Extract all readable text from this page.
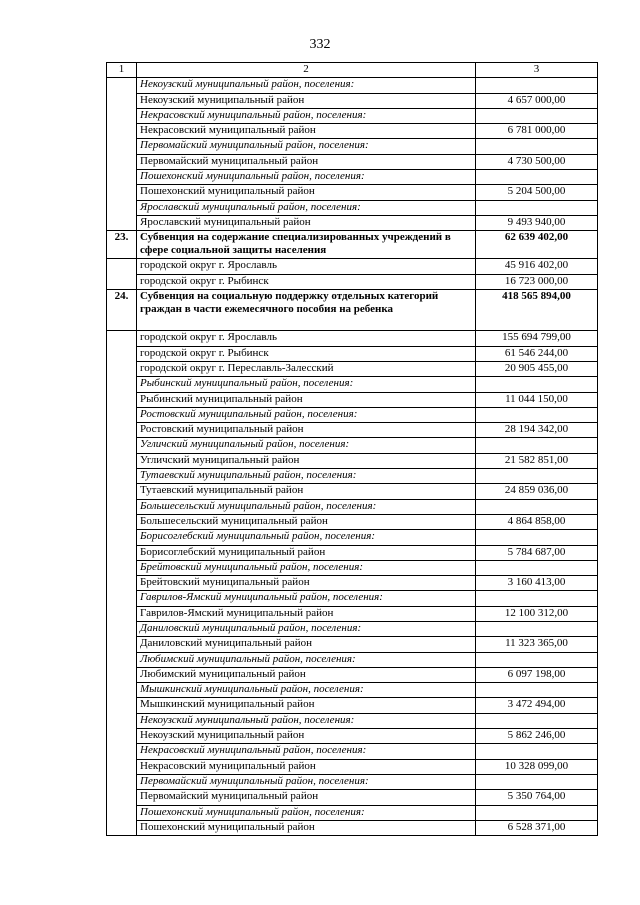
332
1	2	3
	Некоузский муниципальный район, поселения:	
	Некоузский муниципальный район	4 657 000,00
	Некрасовский муниципальный район, поселения:	
	Некрасовский муниципальный район	6 781 000,00
	Первомайский муниципальный район, поселения:	
	Первомайский муниципальный район	4 730 500,00
	Пошехонский муниципальный район, поселения:	
	Пошехонский муниципальный район	5 204 500,00
	Ярославский муниципальный район, поселения:	
	Ярославский муниципальный район	9 493 940,00
23.	Субвенция на содержание специализированных учреждений в сфере социальной защиты населения	62 639 402,00
	городской округ г. Ярославль	45 916 402,00
	городской округ г. Рыбинск	16 723 000,00
24.	Субвенция на социальную поддержку отдельных категорий граждан в части ежемесячного пособия на ребенка	418 565 894,00
	городской округ г. Ярославль	155 694 799,00
	городской округ г. Рыбинск	61 546 244,00
	городской округ г. Переславль-Залесский	20 905 455,00
	Рыбинский муниципальный район, поселения:	
	Рыбинский муниципальный район	11 044 150,00
	Ростовский муниципальный район, поселения:	
	Ростовский муниципальный район	28 194 342,00
	Угличский муниципальный район, поселения:	
	Угличский муниципальный район	21 582 851,00
	Тутаевский муниципальный район, поселения:	
	Тутаевский муниципальный район	24 859 036,00
	Большесельский муниципальный район, поселения:	
	Большесельский муниципальный район	4 864 858,00
	Борисоглебский муниципальный район, поселения:	
	Борисоглебский муниципальный район	5 784 687,00
	Брейтовский муниципальный район, поселения:	
	Брейтовский муниципальный район	3 160 413,00
	Гаврилов-Ямский муниципальный район, поселения:	
	Гаврилов-Ямский муниципальный район	12 100 312,00
	Даниловский муниципальный район, поселения:	
	Даниловский муниципальный район	11 323 365,00
	Любимский муниципальный район, поселения:	
	Любимский муниципальный район	6 097 198,00
	Мышкинский муниципальный район, поселения:	
	Мышкинский муниципальный район	3 472 494,00
	Некоузский муниципальный район, поселения:	
	Некоузский муниципальный район	5 862 246,00
	Некрасовский муниципальный район, поселения:	
	Некрасовский муниципальный район	10 328 099,00
	Первомайский муниципальный район, поселения:	
	Первомайский муниципальный район	5 350 764,00
	Пошехонский муниципальный район, поселения:	
	Пошехонский муниципальный район	6 528 371,00
